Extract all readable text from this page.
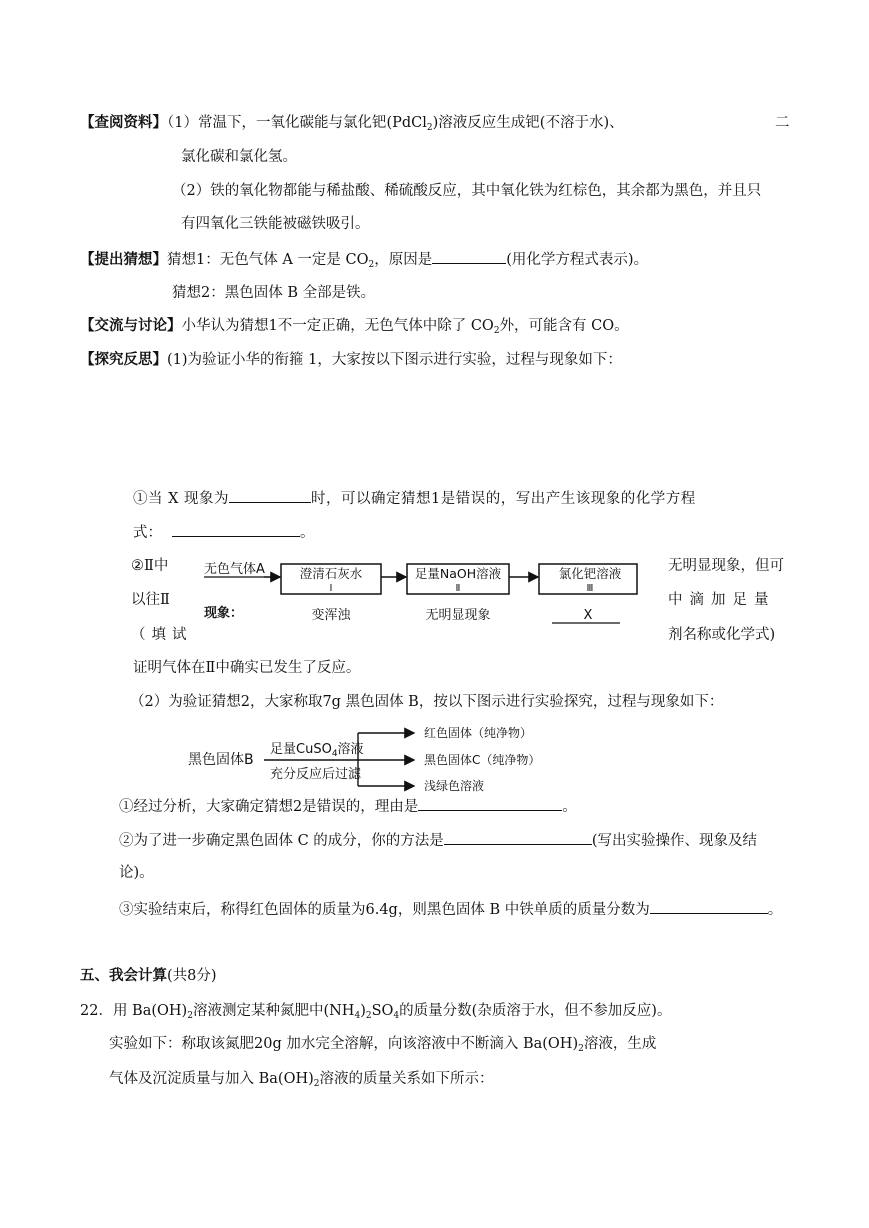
【查阅资料】（1）常温下，一氧化碳能与氯化钯(PdCl$_2$)溶液反应生成钯(不溶于水)、	二
氯化碳和氯化氢。
（2）铁的氧化物都能与稀盐酸、稀硫酸反应，其中氧化铁为红棕色，其余都为黑色，并且只
有四氧化三铁能被磁铁吸引。
【提出猜想】猜想1：无色气体 A 一定是 $CO_2$，原因是	(用化学方程式表示)。
猜想2：黑色固体 B 全部是铁。
【交流与讨论】小华认为猜想1不一定正确，无色气体中除了 $CO_2$外，可能含有 CO。
【探究反思】(1)为验证小华的衔箍 1，大家按以下图示进行实验，过程与现象如下：
①当 X 现象为	时，可以确定猜想1是错误的，写出产生该现象的化学方程
式：	。
②Ⅱ中
以往Ⅱ
（填试
无明显现象，但可
中滴加足量
剂名称或化学式)
证明气体在Ⅱ中确实已发生了反应。
无色气体A	澄清石灰水
Ⅰ
足量NaOH溶液
Ⅱ
氯化钯溶液
Ⅲ
现象：	变浑浊	无明显现象	X
（2）为验证猜想2，大家称取7g 黑色固体 B，按以下图示进行实验探究，过程与现象如下：
黑色固体B
足量CuSO$_4$溶液
充分反应后过滤
红色固体（纯净物）
黑色固体C（纯净物）
浅绿色溶液
①经过分析，大家确定猜想2是错误的，理由是	。
②为了进一步确定黑色固体 C 的成分，你的方法是	(写出实验操作、现象及结
论)。
③实验结束后，称得红色固体的质量为6.4g，则黑色固体 B 中铁单质的质量分数为	。
五、我会计算(共8分)
22．用 $Ba(OH)_2$溶液测定某种氮肥中$(NH_4)_2SO_4$的质量分数(杂质溶于水，但不参加反应)。
实验如下：称取该氮肥20g 加水完全溶解，向该溶液中不断滴入 $Ba(OH)_2$溶液，生成
气体及沉淀质量与加入 $Ba(OH)_2$溶液的质量关系如下所示：
